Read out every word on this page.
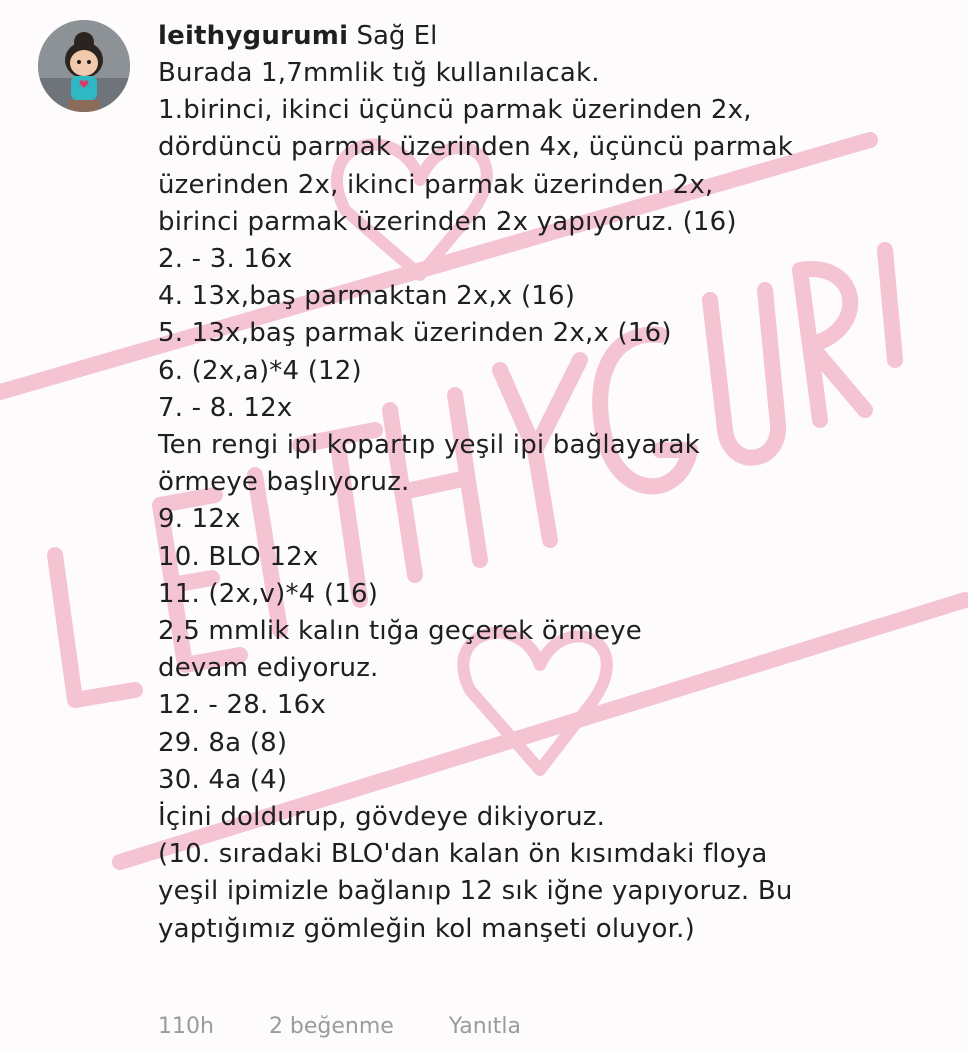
leithygurumi Sağ El
Burada 1,7mmlik tığ kullanılacak.
1.birinci, ikinci üçüncü parmak üzerinden 2x,
dördüncü parmak üzerinden 4x, üçüncü parmak
üzerinden 2x, ikinci parmak üzerinden 2x,
birinci parmak üzerinden 2x yapıyoruz. (16)
2. - 3. 16x
4. 13x,baş parmaktan 2x,x (16)
5. 13x,baş parmak üzerinden 2x,x (16)
6. (2x,a)*4 (12)
7. - 8. 12x
Ten rengi ipi kopartıp yeşil ipi bağlayarak
örmeye başlıyoruz.
9. 12x
10. BLO 12x
11. (2x,v)*4 (16)
2,5 mmlik kalın tığa geçerek örmeye
devam ediyoruz.
12. - 28. 16x
29. 8a (8)
30. 4a (4)
İçini doldurup, gövdeye dikiyoruz.
(10. sıradaki BLO'dan kalan ön kısımdaki floya
yeşil ipimizle bağlanıp 12 sık iğne yapıyoruz. Bu
yaptığımız gömleğin kol manşeti oluyor.)
110h	2 beğenme	Yanıtla
